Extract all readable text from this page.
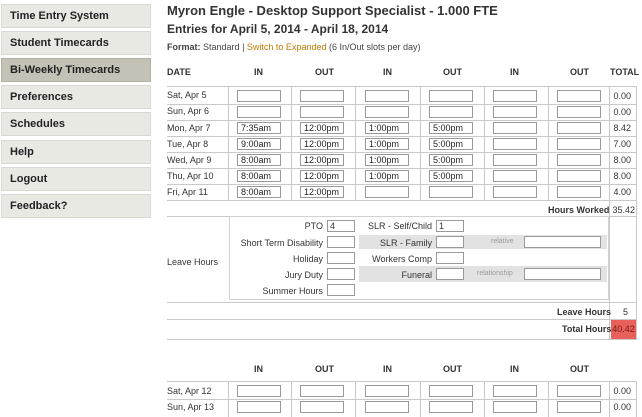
Time Entry System
Student Timecards
Bi-Weekly Timecards
Preferences
Schedules
Help
Logout
Feedback?
Myron Engle - Desktop Support Specialist - 1.000 FTE
Entries for April 5, 2014 - April 18, 2014
Format: Standard | Switch to Expanded (6 In/Out slots per day)
DATE	IN	OUT	IN	OUT	IN	OUT TOTAL
Sat, Apr 5	0.00
Sun, Apr 6	0.00
Mon, Apr 7	7:35am	12:00pm	1:00pm	5:00pm	8.42
Tue, Apr 8	9:00am	12:00pm	1:00pm	5:00pm	7.00
Wed, Apr 9	8:00am	12:00pm	1:00pm	5:00pm	8.00
Thu, Apr 10	8:00am	12:00pm	1:00pm	5:00pm	8.00
Fri, Apr 11	8:00am	12:00pm	4.00
Hours Worked 35.42
Leave Hours
PTO 4
Short Term Disability
Holiday
Jury Duty
Summer Hours
SLR - Self/Child 1
SLR - Family	relative
Workers Comp
Funeral	relationship
Leave Hours	5
Total Hours 40.42
IN	OUT	IN	OUT	IN	OUT
Sat, Apr 12	0.00
Sun, Apr 13	0.00
